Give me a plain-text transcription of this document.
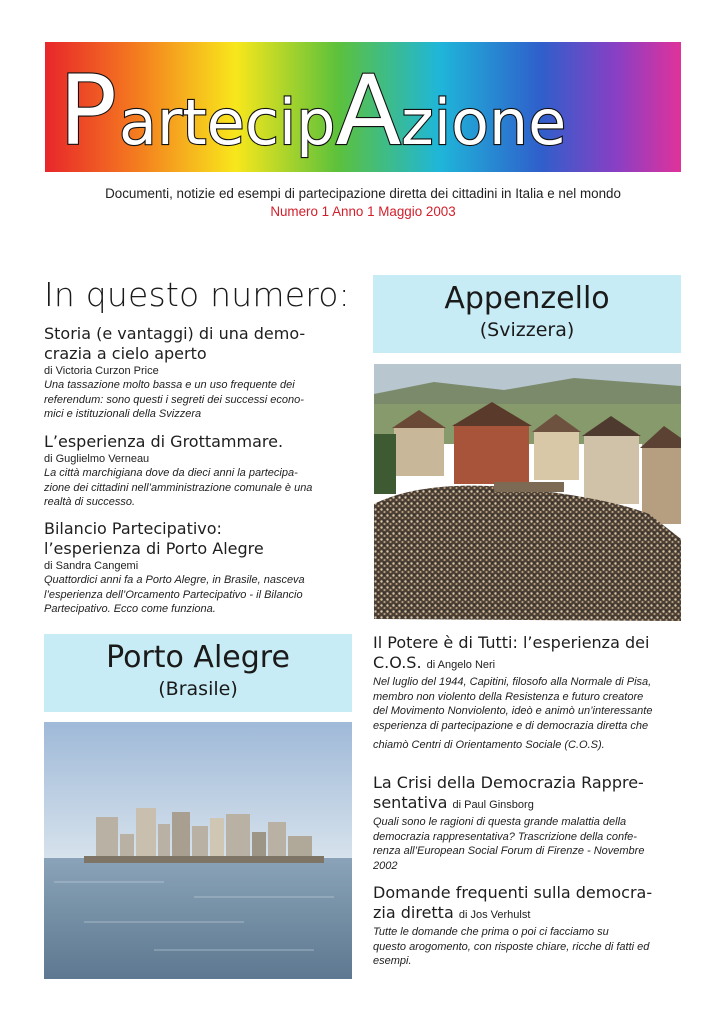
PartecipAzione
Documenti, notizie ed esempi di partecipazione diretta dei cittadini in Italia e nel mondo
Numero 1 Anno 1 Maggio 2003
In questo numero:
Storia (e vantaggi) di una demo-
crazia a cielo aperto
di Victoria Curzon Price
Una tassazione molto bassa e un uso frequente dei
referendum: sono questi i segreti dei successi econo-
mici e istituzionali della Svizzera
L’esperienza di Grottammare.
di Guglielmo Verneau
La città marchigiana dove da dieci anni la partecipa-
zione dei cittadini nell’amministrazione comunale è una
realtà di successo.
Bilancio Partecipativo:
l’esperienza di Porto Alegre
di Sandra Cangemi
Quattordici anni fa a Porto Alegre, in Brasile, nasceva
l’esperienza dell’Orcamento Partecipativo - il Bilancio
Partecipativo. Ecco come funziona.
Porto Alegre
(Brasile)
Appenzello
(Svizzera)
Il Potere è di Tutti: l’esperienza dei
C.O.S. di Angelo Neri
Nel luglio del 1944, Capitini, filosofo alla Normale di Pisa,
membro non violento della Resistenza e futuro creatore
del Movimento Nonviolento, ideò e animò un’interessante
esperienza di partecipazione e di democrazia diretta che
chiamò Centri di Orientamento Sociale (C.O.S).
La Crisi della Democrazia Rappre-
sentativa di Paul Ginsborg
Quali sono le ragioni di questa grande malattia della
democrazia rappresentativa? Trascrizione della confe-
renza all’European Social Forum di Firenze - Novembre
2002
Domande frequenti sulla democra-
zia diretta di Jos Verhulst
Tutte le domande che prima o poi ci facciamo su
questo arogomento, con risposte chiare, ricche di fatti ed
esempi.
